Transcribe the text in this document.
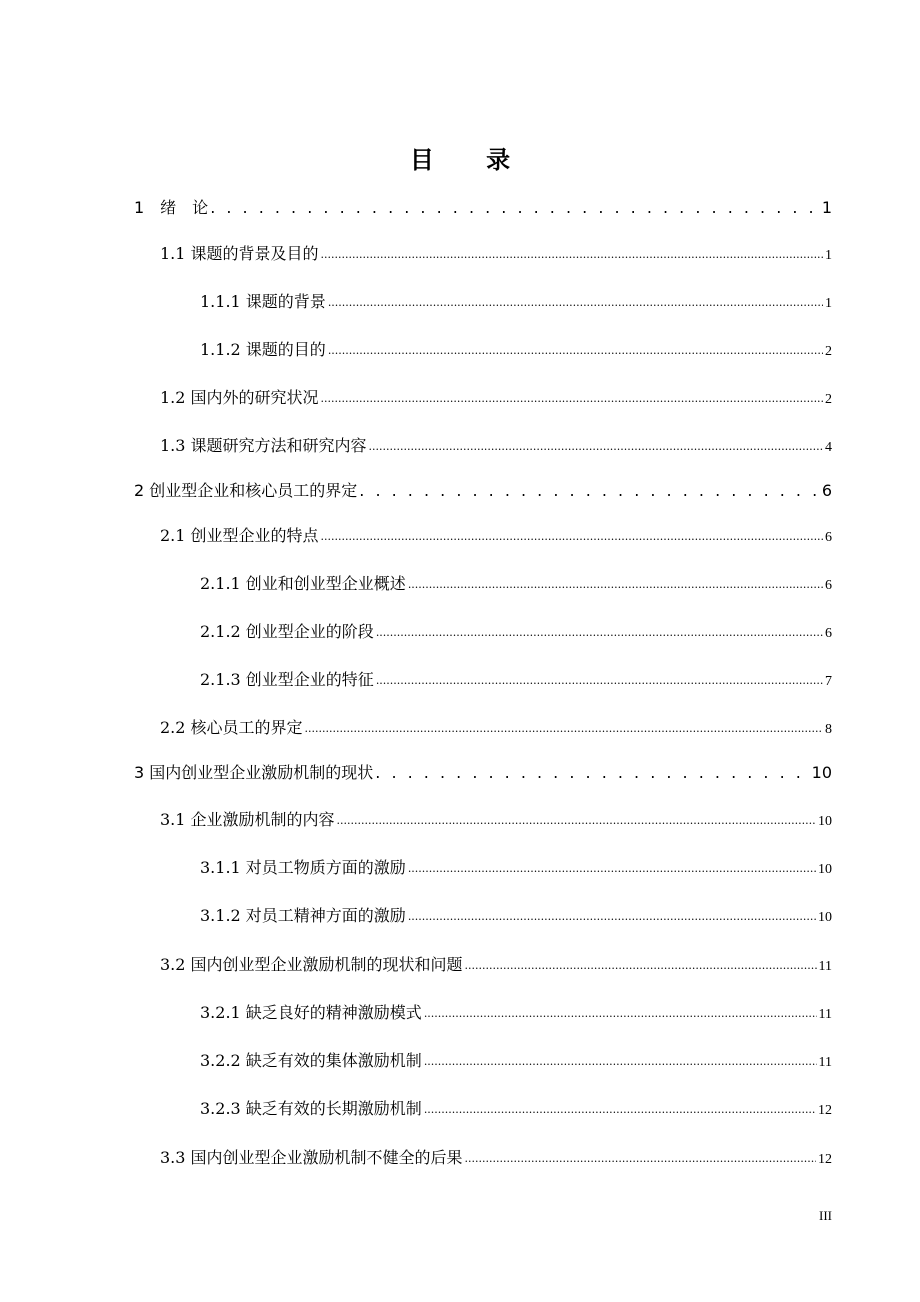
目 录
1　绪　论 . . .	1
1.1 课题的背景及目的 .....	1
1.1.1 课题的背景 .....	1
1.1.2 课题的目的 .....	2
1.2 国内外的研究状况 .....	2
1.3 课题研究方法和研究内容 .....	4
2 创业型企业和核心员工的界定 . . .	6
2.1 创业型企业的特点 .....	6
2.1.1 创业和创业型企业概述 .....	6
2.1.2 创业型企业的阶段 .....	6
2.1.3 创业型企业的特征 .....	7
2.2 核心员工的界定 .....	8
3 国内创业型企业激励机制的现状 . . .	10
3.1 企业激励机制的内容 .....	10
3.1.1 对员工物质方面的激励 .....	10
3.1.2 对员工精神方面的激励 .....	10
3.2 国内创业型企业激励机制的现状和问题 .....	11
3.2.1 缺乏良好的精神激励模式 .....	11
3.2.2 缺乏有效的集体激励机制 .....	11
3.2.3 缺乏有效的长期激励机制 .....	12
3.3 国内创业型企业激励机制不健全的后果 .....	12
III
